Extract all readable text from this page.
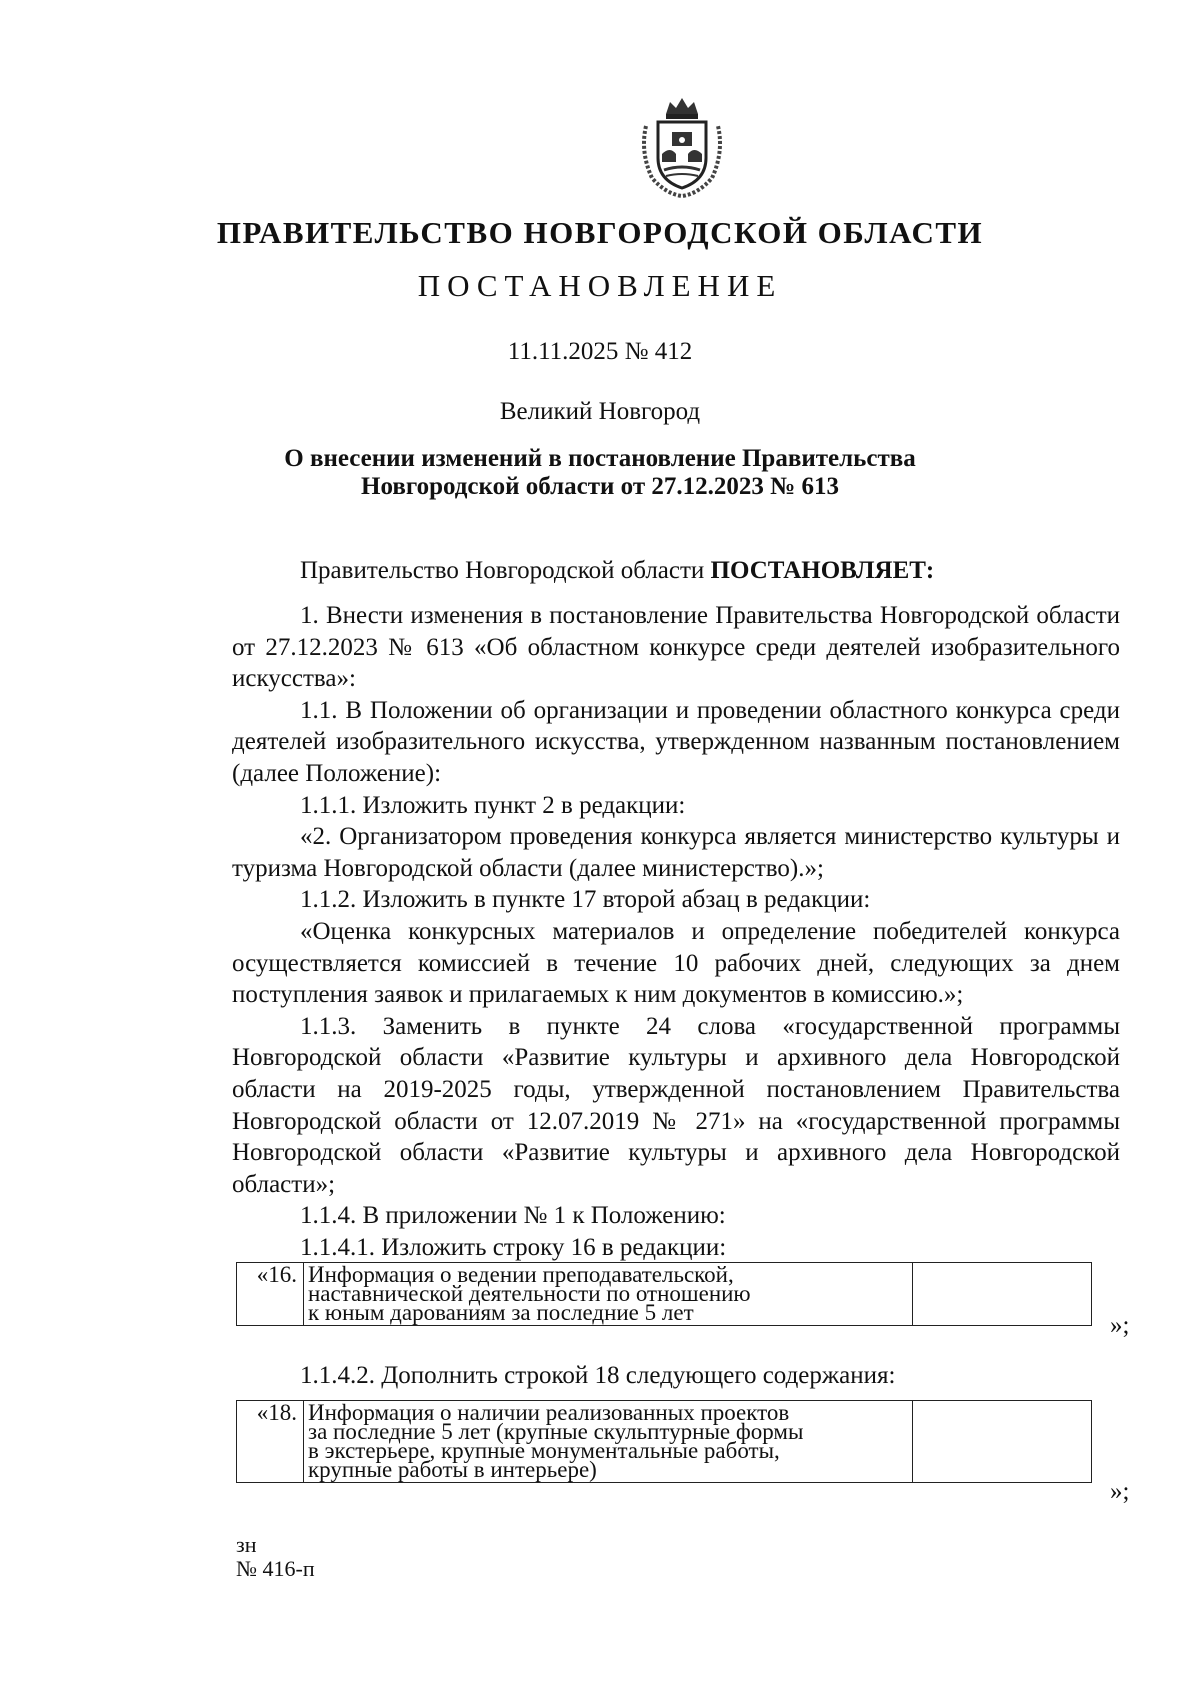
ПРАВИТЕЛЬСТВО НОВГОРОДСКОЙ ОБЛАСТИ
ПОСТАНОВЛЕНИЕ
11.11.2025 № 412
Великий Новгород
О внесении изменений в постановление Правительства
Новгородской области от 27.12.2023 № 613
Правительство Новгородской области ПОСТАНОВЛЯЕТ:

1. Внести изменения в постановление Правительства Новгородской области от 27.12.2023 № 613 «Об областном конкурсе среди деятелей изобразительного искусства»:

1.1. В Положении об организации и проведении областного конкурса среди деятелей изобразительного искусства, утвержденном названным постановлением (далее Положение):

1.1.1. Изложить пункт 2 в редакции:

«2. Организатором проведения конкурса является министерство культуры и туризма Новгородской области (далее министерство).»;

1.1.2. Изложить в пункте 17 второй абзац в редакции:

«Оценка конкурсных материалов и определение победителей конкурса осуществляется комиссией в течение 10 рабочих дней, следующих за днем поступления заявок и прилагаемых к ним документов в комиссию.»;

1.1.3. Заменить в пункте 24 слова «государственной программы Новгородской области «Развитие культуры и архивного дела Новгородской области на 2019-2025 годы, утвержденной постановлением Правительства Новгородской области от 12.07.2019 № 271» на «государственной программы Новгородской области «Развитие культуры и архивного дела Новгородской области»;

1.1.4. В приложении № 1 к Положению:

1.1.4.1. Изложить строку 16 в редакции:

«16.	Информация о ведении преподавательской,
наставнической деятельности по отношению
к юным дарованиям за последние 5 лет
		»;

1.1.4.2. Дополнить строкой 18 следующего содержания:

«18.	Информация о наличии реализованных проектов
за последние 5 лет (крупные скульптурные формы
в экстерьере, крупные монументальные работы,
крупные работы в интерьере)

»;
зн
№ 416-п
